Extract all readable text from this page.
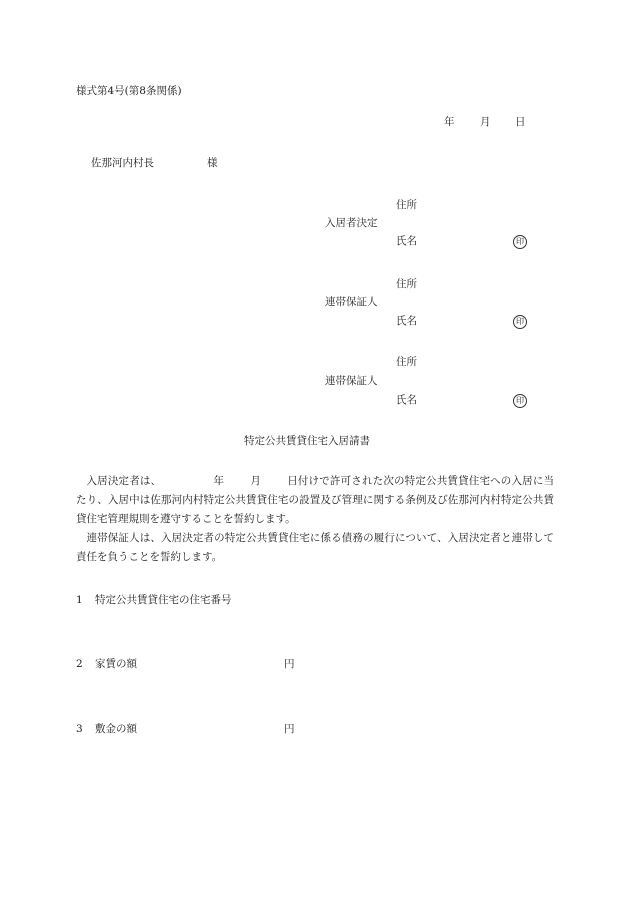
様式第4号(第8条関係)
年 月 日
佐那河内村長	様
住所
入居者決定
氏名	印
住所
連帯保証人
氏名	印
住所
連帯保証人
氏名	印
特定公共賃貸住宅入居請書

入居決定者は、	年 月 日付けで許可された次の特定公共賃貸住宅への入居に当たり、入居中は佐那河内村特定公共賃貸住宅の設置及び管理に関する条例及び佐那河内村特定公共賃貸住宅管理規則を遵守することを誓約します。

連帯保証人は、入居決定者の特定公共賃貸住宅に係る債務の履行について、入居決定者と連帯して責任を負うことを誓約します。

1 特定公共賃貸住宅の住宅番号
2 家賃の額	円
3 敷金の額	円
